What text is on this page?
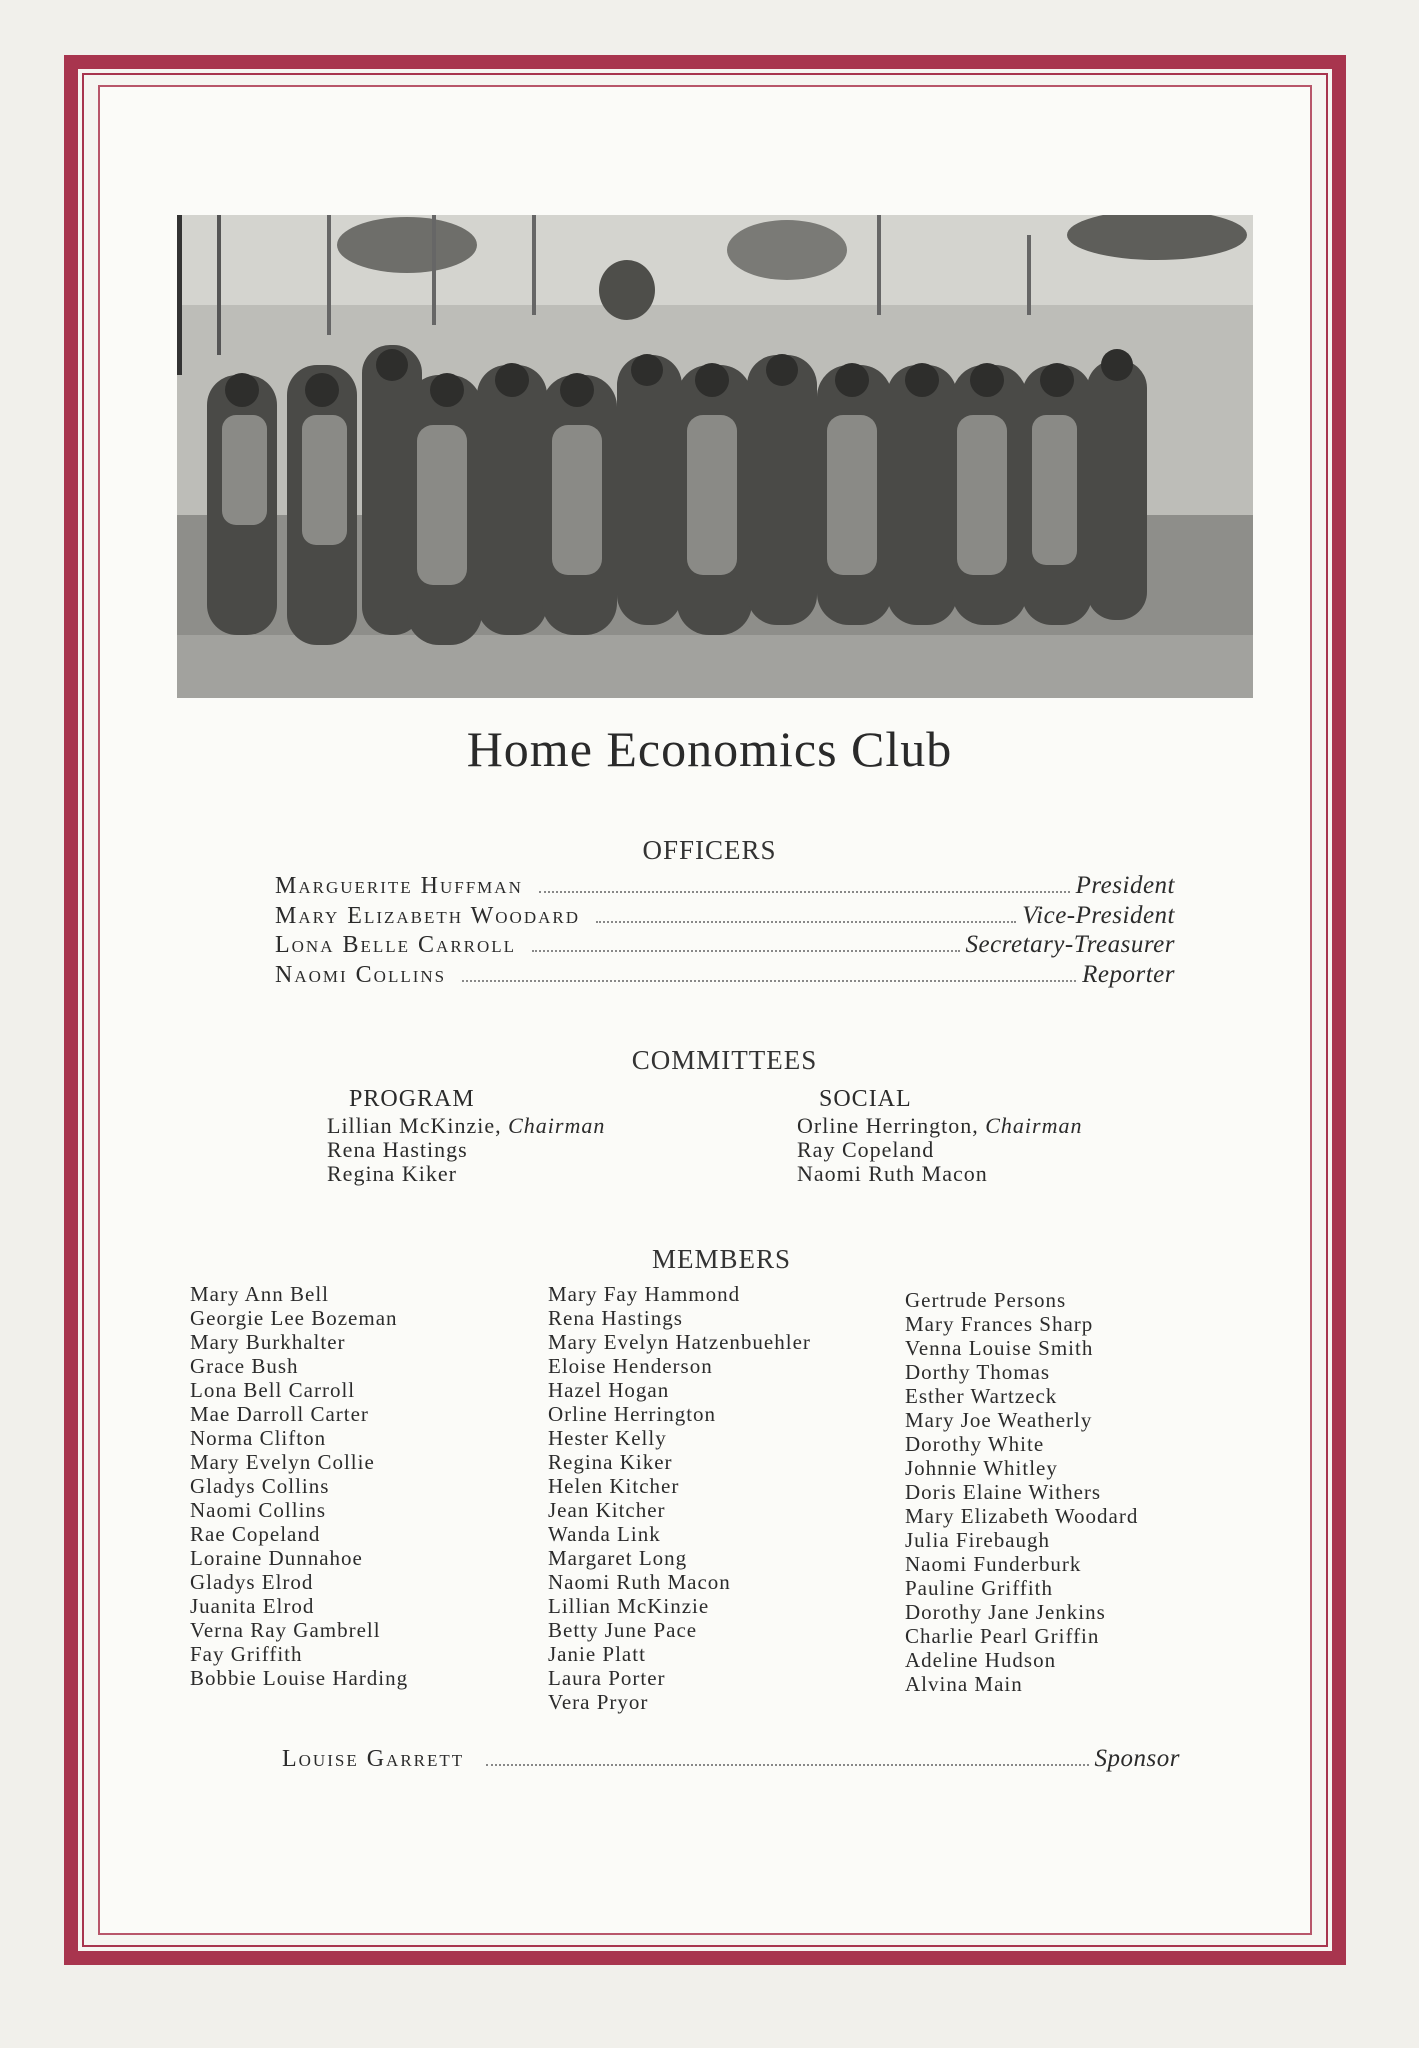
Home Economics Club
OFFICERS
Marguerite Huffman	President
Mary Elizabeth Woodard	Vice-President
Lona Belle Carroll	Secretary-Treasurer
Naomi Collins	Reporter
COMMITTEES
PROGRAM
Lillian McKinzie, Chairman
Rena Hastings
Regina Kiker
SOCIAL
Orline Herrington, Chairman
Ray Copeland
Naomi Ruth Macon
MEMBERS
Mary Ann Bell
Georgie Lee Bozeman
Mary Burkhalter
Grace Bush
Lona Bell Carroll
Mae Darroll Carter
Norma Clifton
Mary Evelyn Collie
Gladys Collins
Naomi Collins
Rae Copeland
Loraine Dunnahoe
Gladys Elrod
Juanita Elrod
Verna Ray Gambrell
Fay Griffith
Bobbie Louise Harding
Mary Fay Hammond
Rena Hastings
Mary Evelyn Hatzenbuehler
Eloise Henderson
Hazel Hogan
Orline Herrington
Hester Kelly
Regina Kiker
Helen Kitcher
Jean Kitcher
Wanda Link
Margaret Long
Naomi Ruth Macon
Lillian McKinzie
Betty June Pace
Janie Platt
Laura Porter
Vera Pryor
Gertrude Persons
Mary Frances Sharp
Venna Louise Smith
Dorthy Thomas
Esther Wartzeck
Mary Joe Weatherly
Dorothy White
Johnnie Whitley
Doris Elaine Withers
Mary Elizabeth Woodard
Julia Firebaugh
Naomi Funderburk
Pauline Griffith
Dorothy Jane Jenkins
Charlie Pearl Griffin
Adeline Hudson
Alvina Main
Louise Garrett	Sponsor
